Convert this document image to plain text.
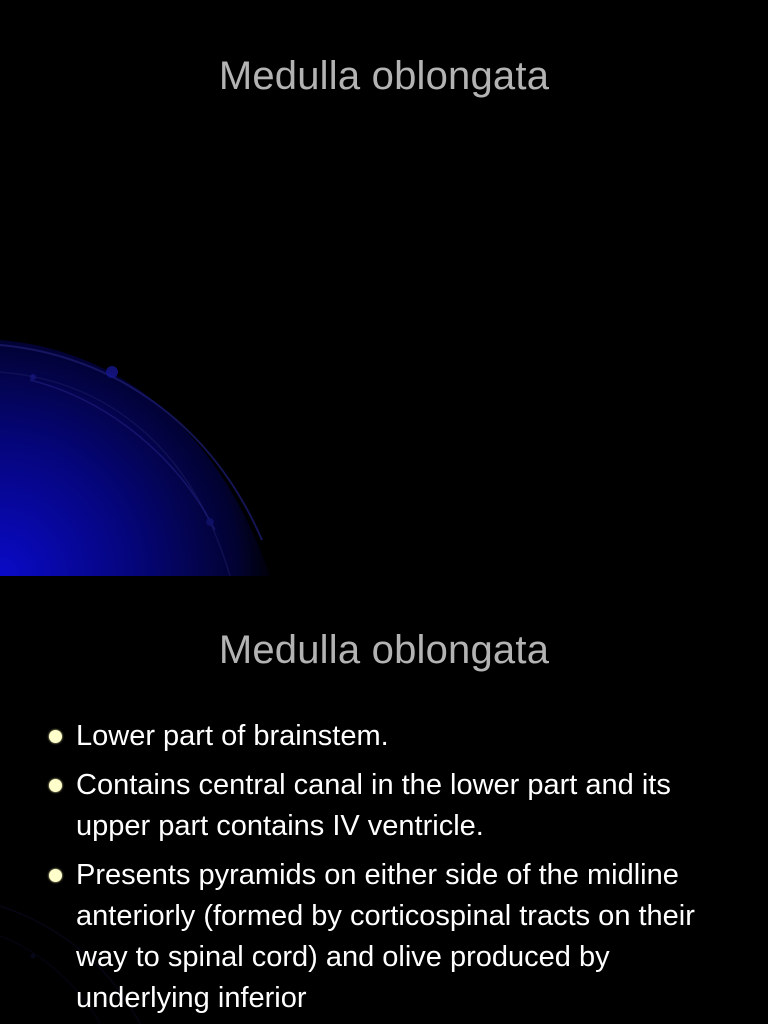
Medulla oblongata
Medulla oblongata
Lower part of brainstem.
Contains central canal in the lower part and its upper part contains IV ventricle.
Presents pyramids on either side of the midline anteriorly (formed by corticospinal tracts on their way to spinal cord) and olive produced by underlying inferior
